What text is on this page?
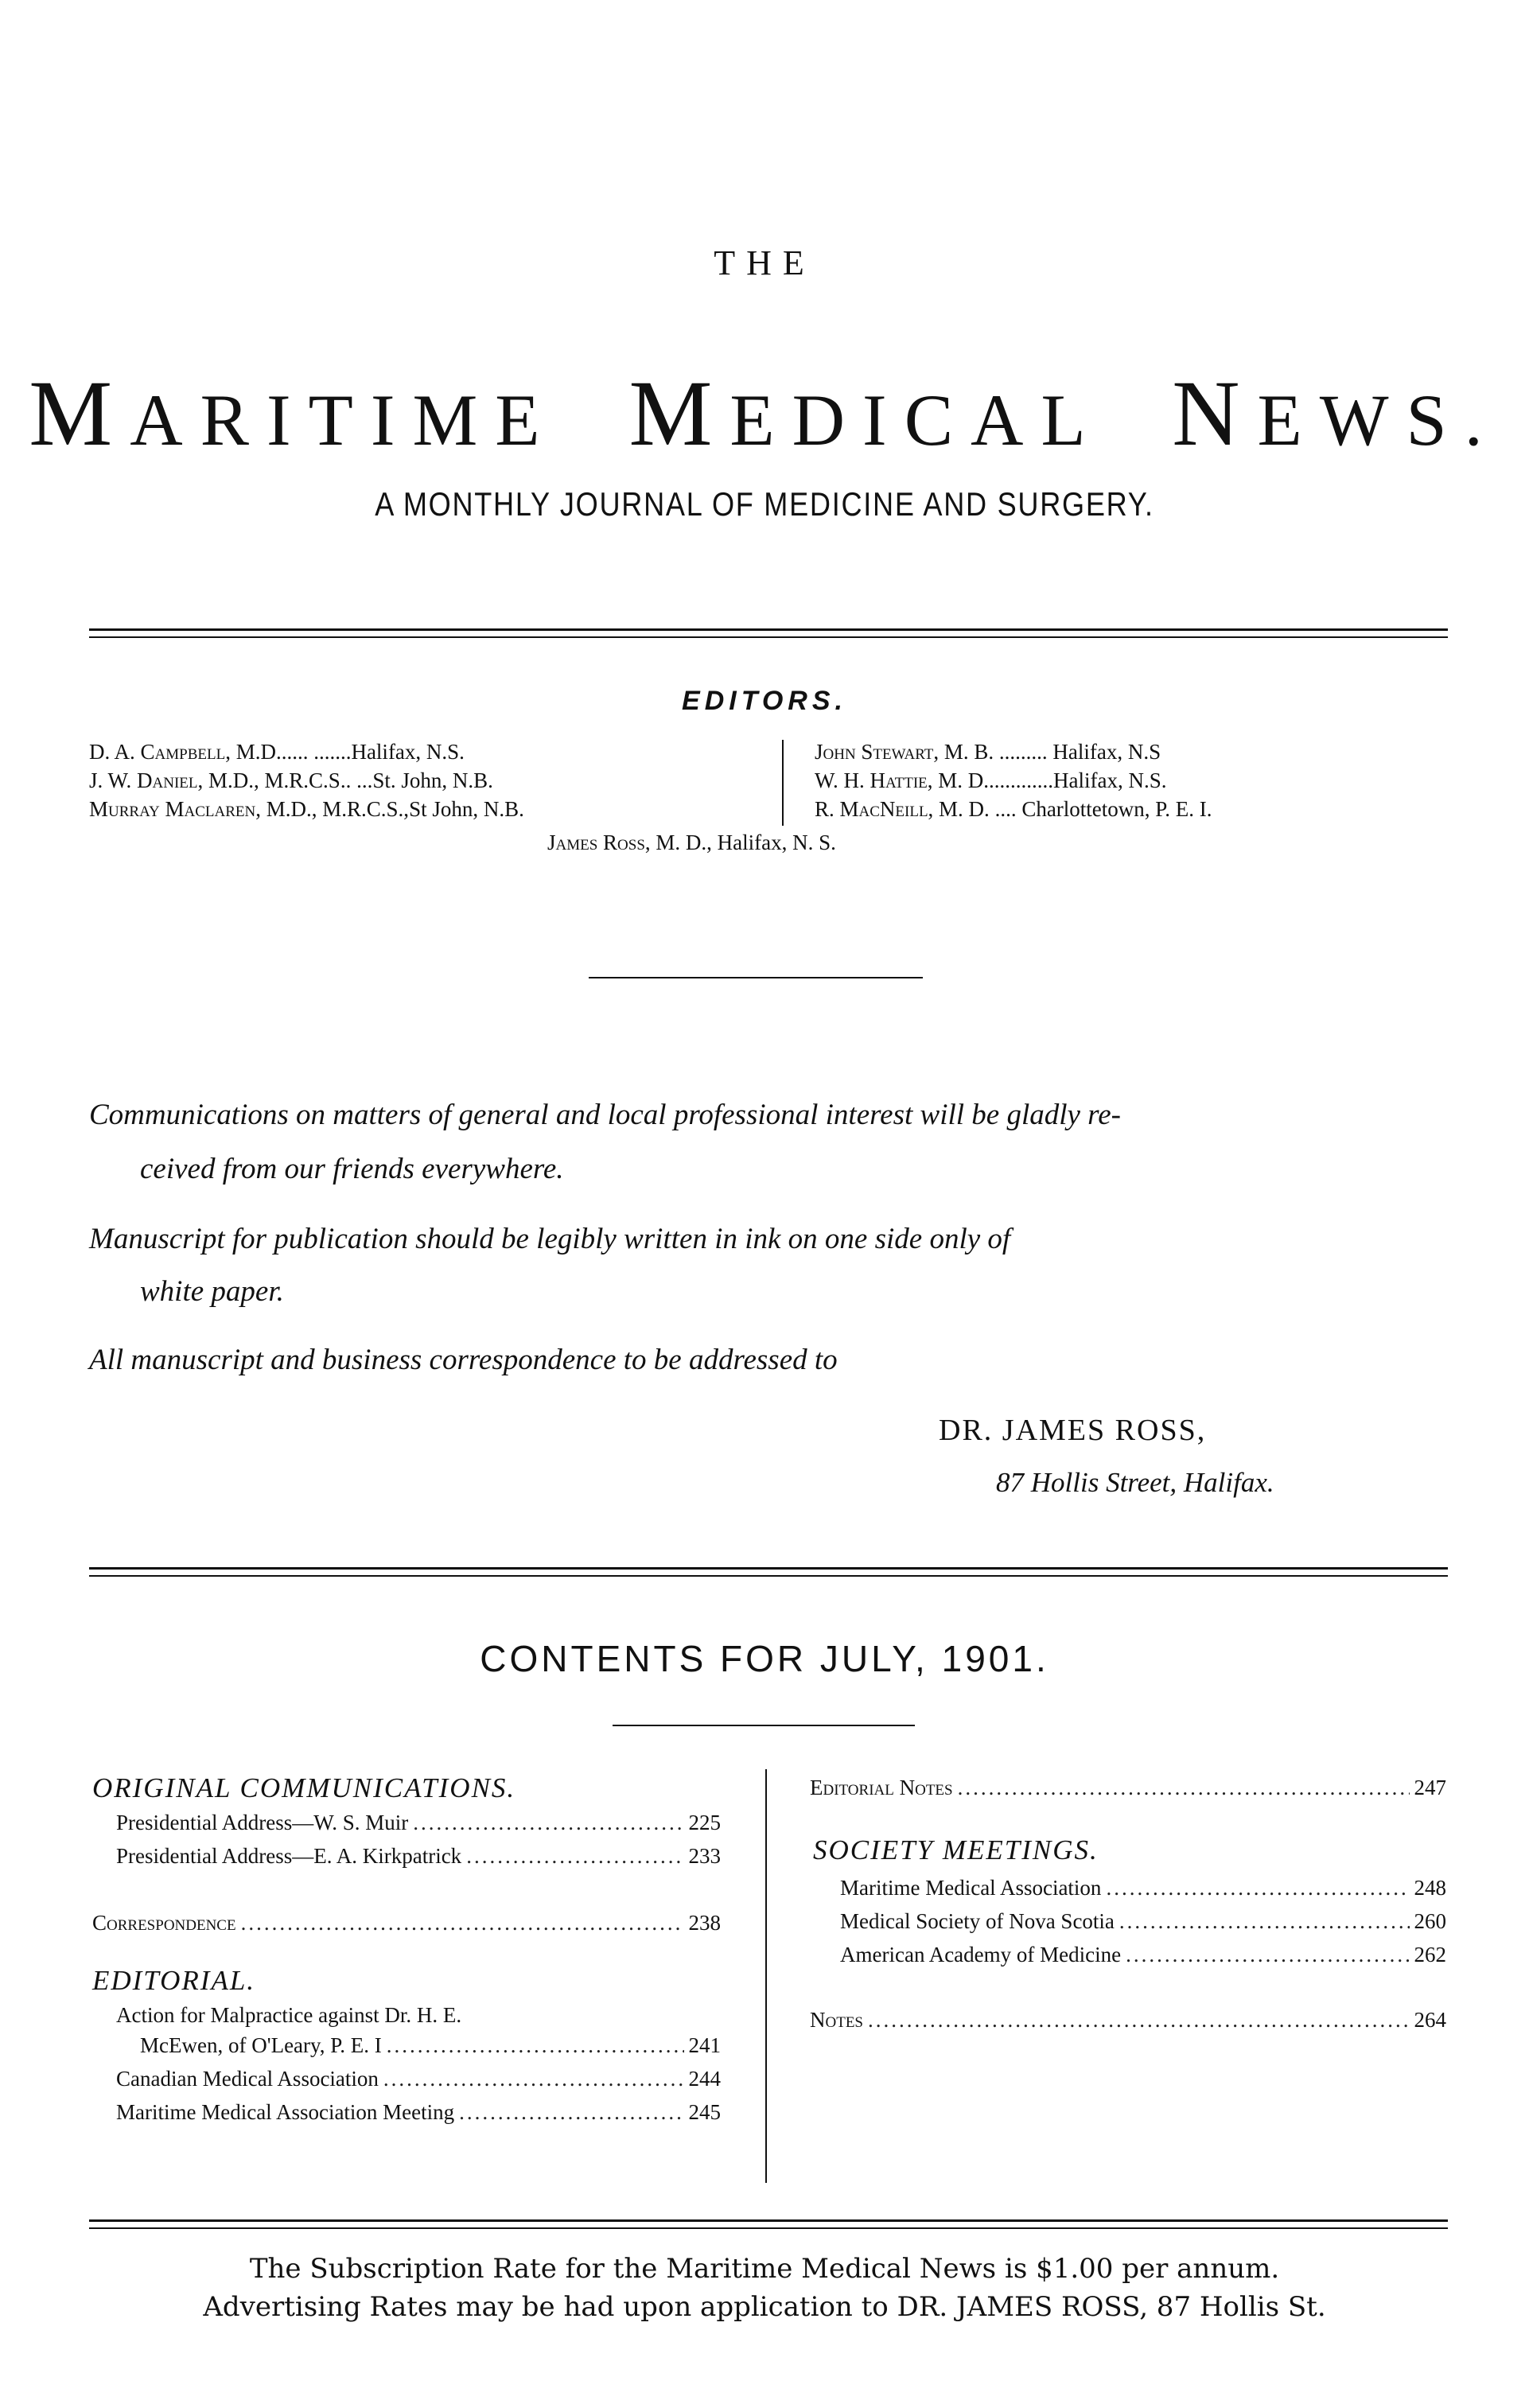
THE
MARITIME MEDICAL NEWS.
A MONTHLY JOURNAL OF MEDICINE AND SURGERY.
EDITORS.
D. A. Campbell, M.D...... .......Halifax, N.S.
J. W. Daniel, M.D., M.R.C.S.. ...St. John, N.B.
Murray Maclaren, M.D., M.R.C.S.,St John, N.B.
John Stewart, M. B. ......... Halifax, N.S
W. H. Hattie, M. D.............Halifax, N.S.
R. MacNeill, M. D. .... Charlottetown, P. E. I.
James Ross, M. D., Halifax, N. S.
Communications on matters of general and local professional interest will be gladly re-
ceived from our friends everywhere.
Manuscript for publication should be legibly written in ink on one side only of
white paper.
All manuscript and business correspondence to be addressed to
DR. JAMES ROSS,
87 Hollis Street, Halifax.
CONTENTS FOR JULY, 1901.
ORIGINAL COMMUNICATIONS.
Presidential Address—W. S. Muir .....	225
Presidential Address—E. A. Kirkpatrick .....	233
Correspondence .....	238
EDITORIAL.
Action for Malpractice against Dr. H. E.
McEwen, of O'Leary, P. E. I .....	241
Canadian Medical Association .....	244
Maritime Medical Association Meeting .....	245
Editorial Notes .....	247
SOCIETY MEETINGS.
Maritime Medical Association .....	248
Medical Society of Nova Scotia .....	260
American Academy of Medicine .....	262
Notes .....	264
The Subscription Rate for the Maritime Medical News is $1.00 per annum.
Advertising Rates may be had upon application to DR. JAMES ROSS, 87 Hollis St.
